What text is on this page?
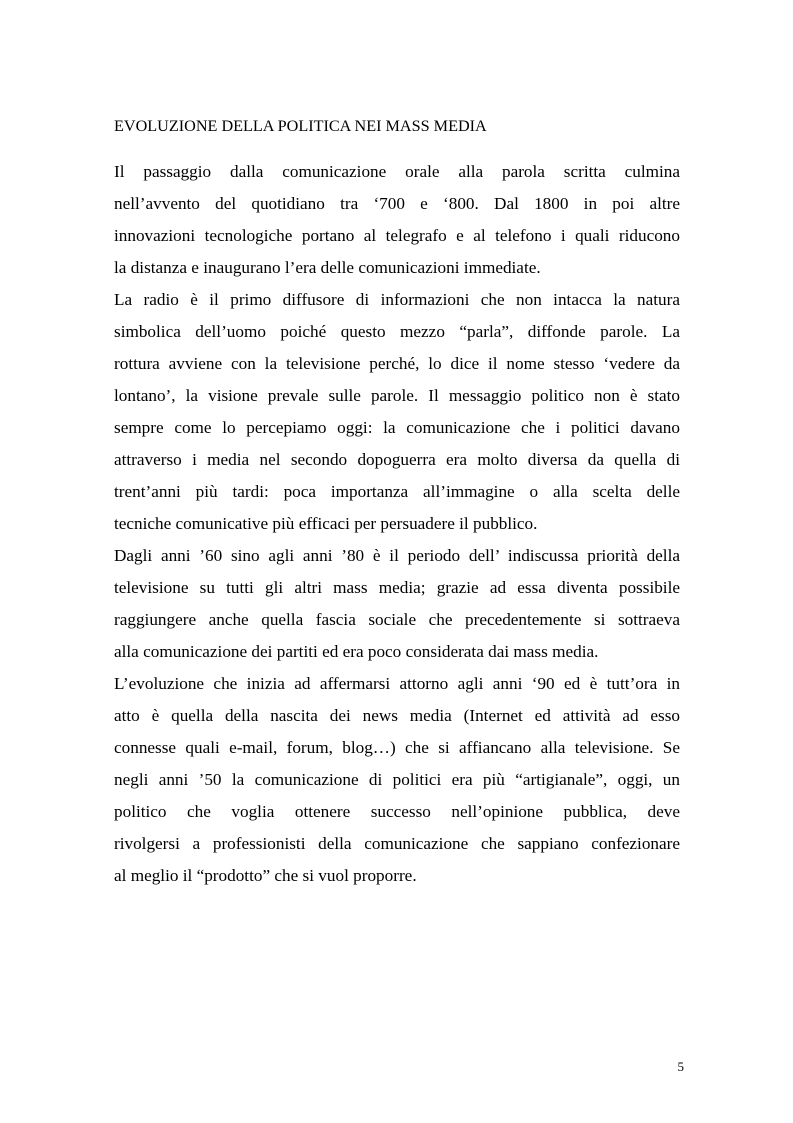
EVOLUZIONE DELLA POLITICA NEI MASS MEDIA

Il passaggio dalla comunicazione orale alla parola scritta culmina
nell’avvento del quotidiano tra ‘700 e ‘800. Dal 1800 in poi altre
innovazioni tecnologiche portano al telegrafo e al telefono i quali riducono
la distanza e inaugurano l’era delle comunicazioni immediate.

La radio è il primo diffusore di informazioni che non intacca la natura
simbolica dell’uomo poiché questo mezzo “parla”, diffonde parole. La
rottura avviene con la televisione perché, lo dice il nome stesso ‘vedere da
lontano’, la visione prevale sulle parole. Il messaggio politico non è stato
sempre come lo percepiamo oggi: la comunicazione che i politici davano
attraverso i media nel secondo dopoguerra era molto diversa da quella di
trent’anni più tardi: poca importanza all’immagine o alla scelta delle
tecniche comunicative più efficaci per persuadere il pubblico.

Dagli anni ’60 sino agli anni ’80 è il periodo dell’ indiscussa priorità della
televisione su tutti gli altri mass media; grazie ad essa diventa possibile
raggiungere anche quella fascia sociale che precedentemente si sottraeva
alla comunicazione dei partiti ed era poco considerata dai mass media.

L’evoluzione che inizia ad affermarsi attorno agli anni ‘90 ed è tutt’ora in
atto è quella della nascita dei news media (Internet ed attività ad esso
connesse quali e-mail, forum, blog…) che si affiancano alla televisione. Se
negli anni ’50 la comunicazione di politici era più “artigianale”, oggi, un
politico che voglia ottenere successo nell’opinione pubblica, deve
rivolgersi a professionisti della comunicazione che sappiano confezionare
al meglio il “prodotto” che si vuol proporre.

5
